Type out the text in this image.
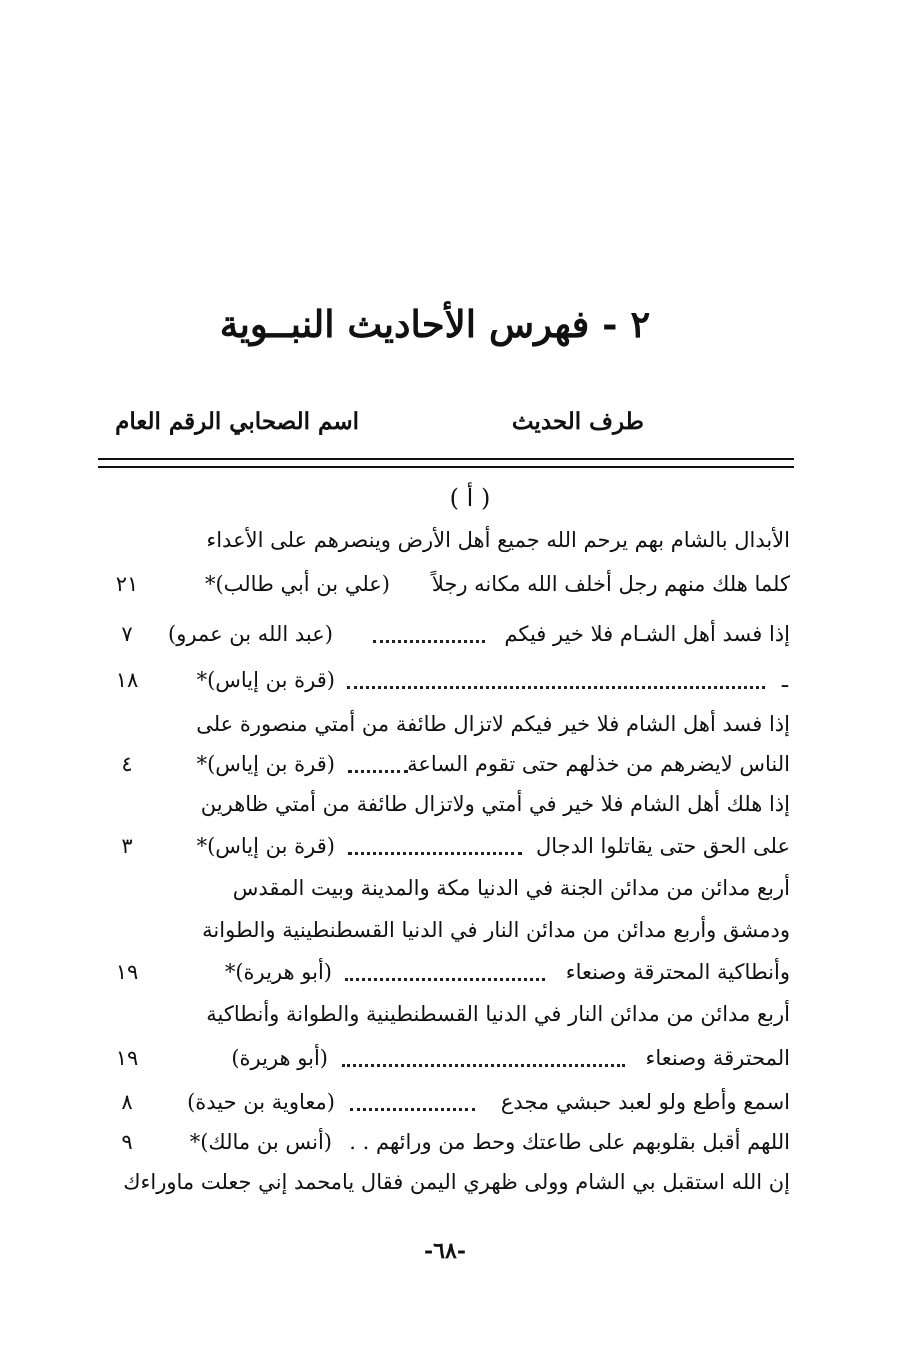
٢ - فهرس الأحاديث النبــوية
طرف الحديث
اسم الصحابي الرقم العام
( أ )
الأبدال بالشام بهم يرحم الله جميع أهل الأرض وينصرهم على الأعداء
كلما هلك منهم رجل أخلف الله مكانه رجلاً
(علي بن أبي طالب)*
٢١
إذا فسد أهل الشـام فلا خير فيكم
(عبد الله بن عمرو)
٧
ـ
(قرة بن إياس)*
١٨
إذا فسد أهل الشام فلا خير فيكم لاتزال طائفة من أمتي منصورة على
الناس لايضرهم من خذلهم حتى تقوم الساعة
(قرة بن إياس)*
٤
إذا هلك أهل الشام فلا خير في أمتي ولاتزال طائفة من أمتي ظاهرين
على الحق حتى يقاتلوا الدجال
(قرة بن إياس)*
٣
أربع مدائن من مدائن الجنة في الدنيا مكة والمدينة وبيت المقدس
ودمشق وأربع مدائن من مدائن النار في الدنيا القسطنطينية والطوانة
وأنطاكية المحترقة وصنعاء
(أبو هريرة)*
١٩
أربع مدائن من مدائن النار في الدنيا القسطنطينية والطوانة وأنطاكية
المحترقة وصنعاء
(أبو هريرة)
١٩
اسمع وأطع ولو لعبد حبشي مجدع
(معاوية بن حيدة)
٨
اللهم أقبل بقلوبهم على طاعتك وحط من ورائهم . .
(أنس بن مالك)*
٩
إن الله استقبل بي الشام وولى ظهري اليمن فقال يامحمد إني جعلت ماوراءك
-٦٨-
